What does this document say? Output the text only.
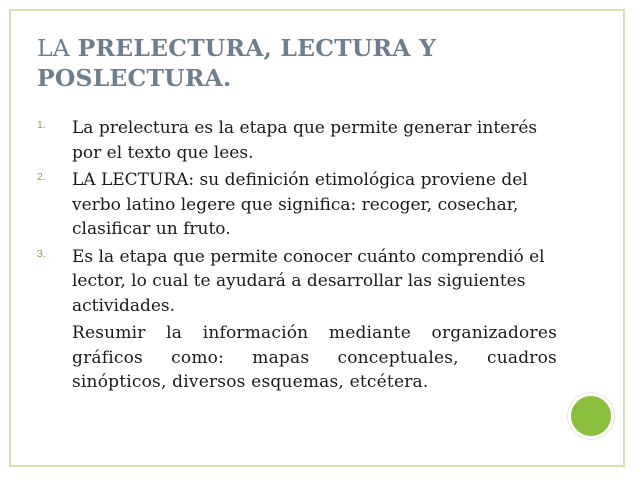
LA PRELECTURA, LECTURA Y POSLECTURA.
1. La prelectura es la etapa que permite generar interés por el texto que lees.
2. LA LECTURA: su definición etimológica proviene del verbo latino legere que significa: recoger, cosechar, clasificar un fruto.
3. Es la etapa que permite conocer cuánto comprendió el lector, lo cual te ayudará a desarrollar las siguientes actividades.
Resumir la información mediante organizadores gráficos como: mapas conceptuales, cuadros sinópticos, diversos esquemas, etcétera.
